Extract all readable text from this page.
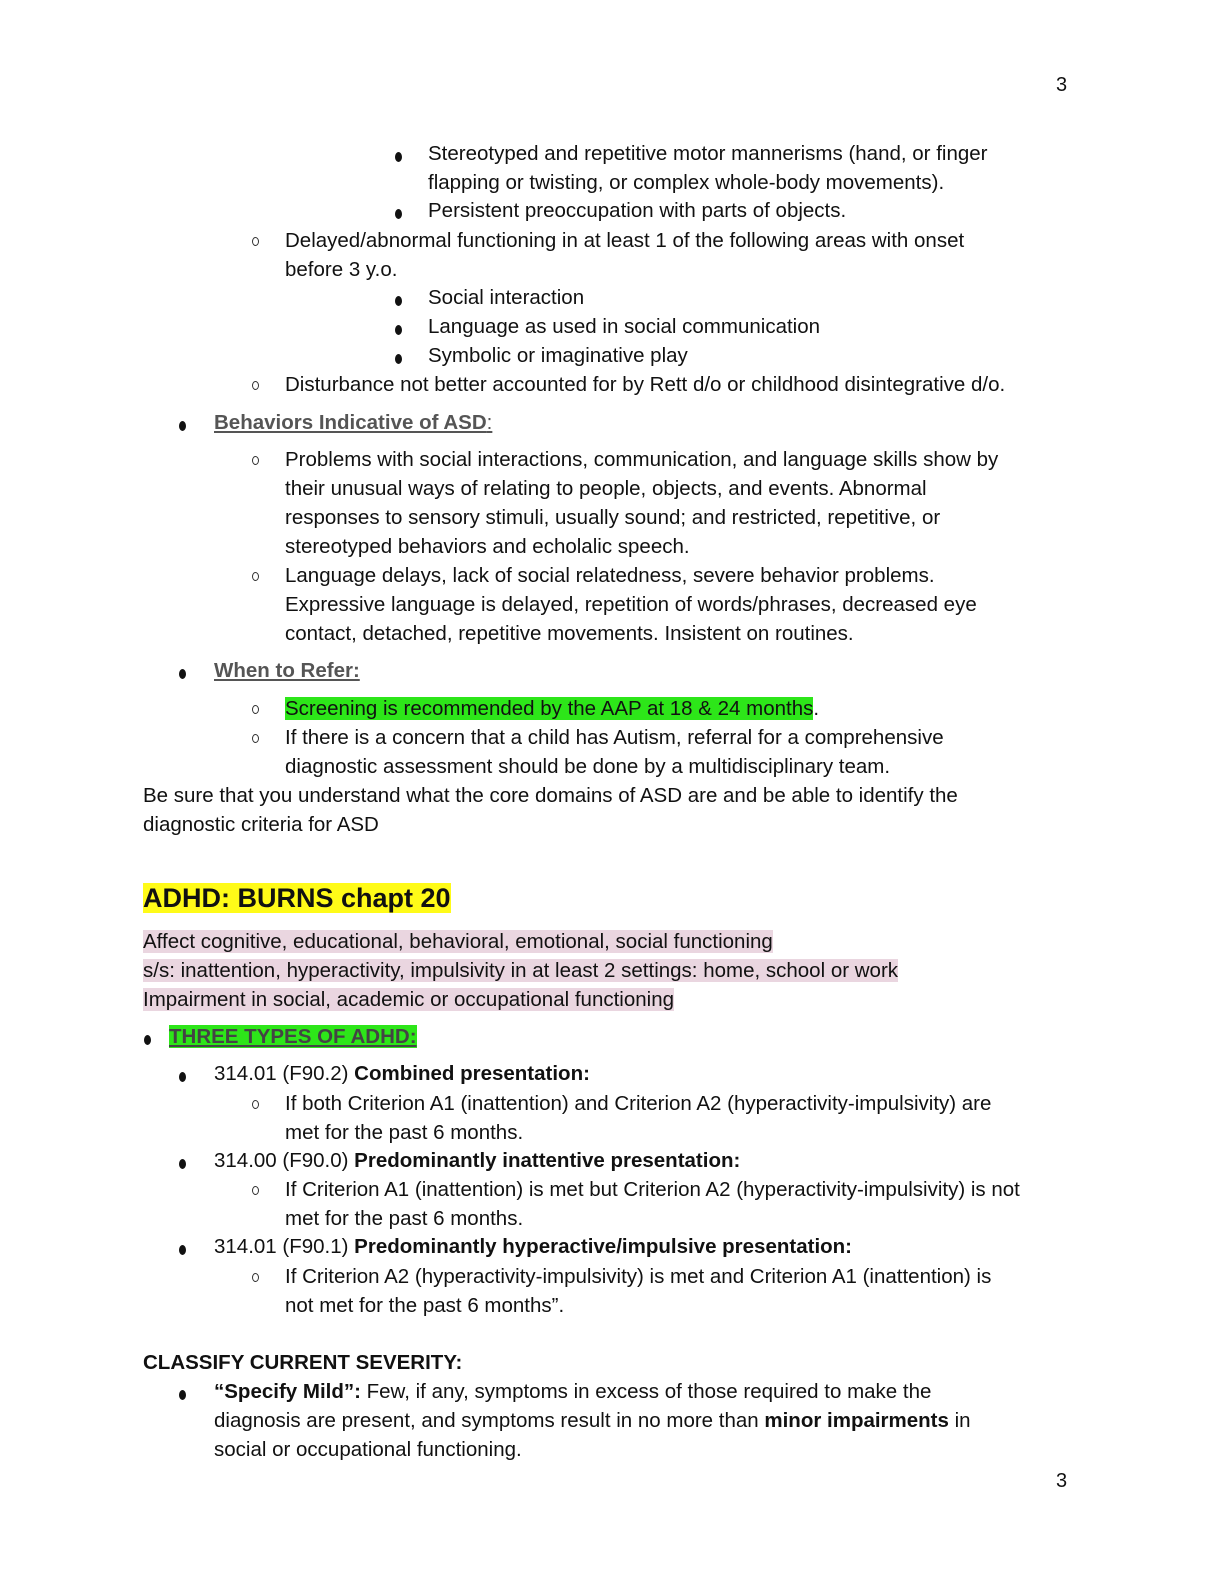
3
Stereotyped and repetitive motor mannerisms (hand, or finger
flapping or twisting, or complex whole-body movements).
Persistent preoccupation with parts of objects.
Delayed/abnormal functioning in at least 1 of the following areas with onset
before 3 y.o.
Social interaction
Language as used in social communication
Symbolic or imaginative play
Disturbance not better accounted for by Rett d/o or childhood disintegrative d/o.
Behaviors Indicative of ASD:
Problems with social interactions, communication, and language skills show by
their unusual ways of relating to people, objects, and events. Abnormal
responses to sensory stimuli, usually sound; and restricted, repetitive, or
stereotyped behaviors and echolalic speech.
Language delays, lack of social relatedness, severe behavior problems.
Expressive language is delayed, repetition of words/phrases, decreased eye
contact, detached, repetitive movements. Insistent on routines.
When to Refer:
Screening is recommended by the AAP at 18 & 24 months.
If there is a concern that a child has Autism, referral for a comprehensive
diagnostic assessment should be done by a multidisciplinary team.
Be sure that you understand what the core domains of ASD are and be able to identify the
diagnostic criteria for ASD
ADHD: BURNS chapt 20
Affect cognitive, educational, behavioral, emotional, social functioning
s/s: inattention, hyperactivity, impulsivity in at least 2 settings: home, school or work
Impairment in social, academic or occupational functioning
THREE TYPES OF ADHD:
314.01 (F90.2) Combined presentation:
If both Criterion A1 (inattention) and Criterion A2 (hyperactivity-impulsivity) are
met for the past 6 months.
314.00 (F90.0) Predominantly inattentive presentation:
If Criterion A1 (inattention) is met but Criterion A2 (hyperactivity-impulsivity) is not
met for the past 6 months.
314.01 (F90.1) Predominantly hyperactive/impulsive presentation:
If Criterion A2 (hyperactivity-impulsivity) is met and Criterion A1 (inattention) is
not met for the past 6 months”.
CLASSIFY CURRENT SEVERITY:
“Specify Mild”: Few, if any, symptoms in excess of those required to make the
diagnosis are present, and symptoms result in no more than minor impairments in
social or occupational functioning.
3
